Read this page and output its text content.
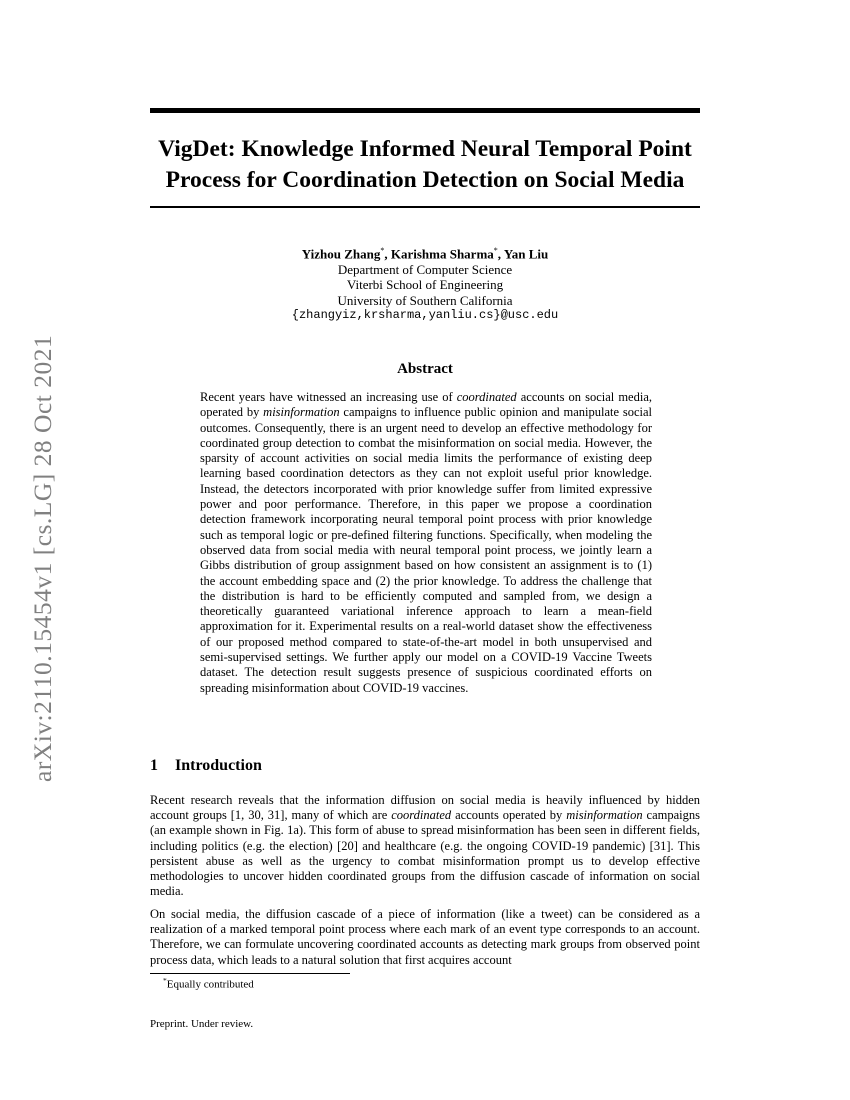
arXiv:2110.15454v1 [cs.LG] 28 Oct 2021
VigDet: Knowledge Informed Neural Temporal Point
Process for Coordination Detection on Social Media
Yizhou Zhang*, Karishma Sharma*, Yan Liu
Department of Computer Science
Viterbi School of Engineering
University of Southern California
{zhangyiz,krsharma,yanliu.cs}@usc.edu
Abstract

Recent years have witnessed an increasing use of coordinated accounts on social media, operated by misinformation campaigns to influence public opinion and manipulate social outcomes. Consequently, there is an urgent need to develop an effective methodology for coordinated group detection to combat the misinformation on social media. However, the sparsity of account activities on social media limits the performance of existing deep learning based coordination detectors as they can not exploit useful prior knowledge. Instead, the detectors incorporated with prior knowledge suffer from limited expressive power and poor performance. Therefore, in this paper we propose a coordination detection framework incorporating neural temporal point process with prior knowledge such as temporal logic or pre-defined filtering functions. Specifically, when modeling the observed data from social media with neural temporal point process, we jointly learn a Gibbs distribution of group assignment based on how consistent an assignment is to (1) the account embedding space and (2) the prior knowledge. To address the challenge that the distribution is hard to be efficiently computed and sampled from, we design a theoretically guaranteed variational inference approach to learn a mean-field approximation for it. Experimental results on a real-world dataset show the effectiveness of our proposed method compared to state-of-the-art model in both unsupervised and semi-supervised settings. We further apply our model on a COVID-19 Vaccine Tweets dataset. The detection result suggests presence of suspicious coordinated efforts on spreading misinformation about COVID-19 vaccines.

1 Introduction

Recent research reveals that the information diffusion on social media is heavily influenced by hidden account groups [1, 30, 31], many of which are coordinated accounts operated by misinformation campaigns (an example shown in Fig. 1a). This form of abuse to spread misinformation has been seen in different fields, including politics (e.g. the election) [20] and healthcare (e.g. the ongoing COVID-19 pandemic) [31]. This persistent abuse as well as the urgency to combat misinformation prompt us to develop effective methodologies to uncover hidden coordinated groups from the diffusion cascade of information on social media.

On social media, the diffusion cascade of a piece of information (like a tweet) can be considered as a realization of a marked temporal point process where each mark of an event type corresponds to an account. Therefore, we can formulate uncovering coordinated accounts as detecting mark groups from observed point process data, which leads to a natural solution that first acquires account

*Equally contributed
Preprint. Under review.
